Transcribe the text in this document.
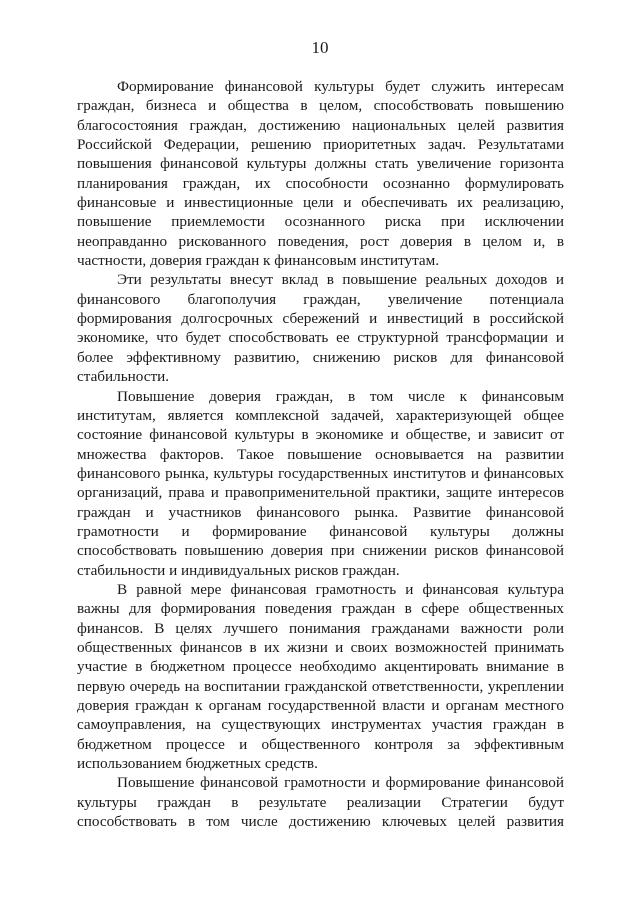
10

Формирование финансовой культуры будет служить интересам граждан, бизнеса и общества в целом, способствовать повышению благосостояния граждан, достижению национальных целей развития Российской Федерации, решению приоритетных задач. Результатами повышения финансовой культуры должны стать увеличение горизонта планирования граждан, их способности осознанно формулировать финансовые и инвестиционные цели и обеспечивать их реализацию, повышение приемлемости осознанного риска при исключении неоправданно рискованного поведения, рост доверия в целом и, в частности, доверия граждан к финансовым институтам.

Эти результаты внесут вклад в повышение реальных доходов и финансового благополучия граждан, увеличение потенциала формирования долгосрочных сбережений и инвестиций в российской экономике, что будет способствовать ее структурной трансформации и более эффективному развитию, снижению рисков для финансовой стабильности.

Повышение доверия граждан, в том числе к финансовым институтам, является комплексной задачей, характеризующей общее состояние финансовой культуры в экономике и обществе, и зависит от множества факторов. Такое повышение основывается на развитии финансового рынка, культуры государственных институтов и финансовых организаций, права и правоприменительной практики, защите интересов граждан и участников финансового рынка. Развитие финансовой грамотности и формирование финансовой культуры должны способствовать повышению доверия при снижении рисков финансовой стабильности и индивидуальных рисков граждан.

В равной мере финансовая грамотность и финансовая культура важны для формирования поведения граждан в сфере общественных финансов. В целях лучшего понимания гражданами важности роли общественных финансов в их жизни и своих возможностей принимать участие в бюджетном процессе необходимо акцентировать внимание в первую очередь на воспитании гражданской ответственности, укреплении доверия граждан к органам государственной власти и органам местного самоуправления, на существующих инструментах участия граждан в бюджетном процессе и общественного контроля за эффективным использованием бюджетных средств.

Повышение финансовой грамотности и формирование финансовой культуры граждан в результате реализации Стратегии будут способствовать в том числе достижению ключевых целей развития
